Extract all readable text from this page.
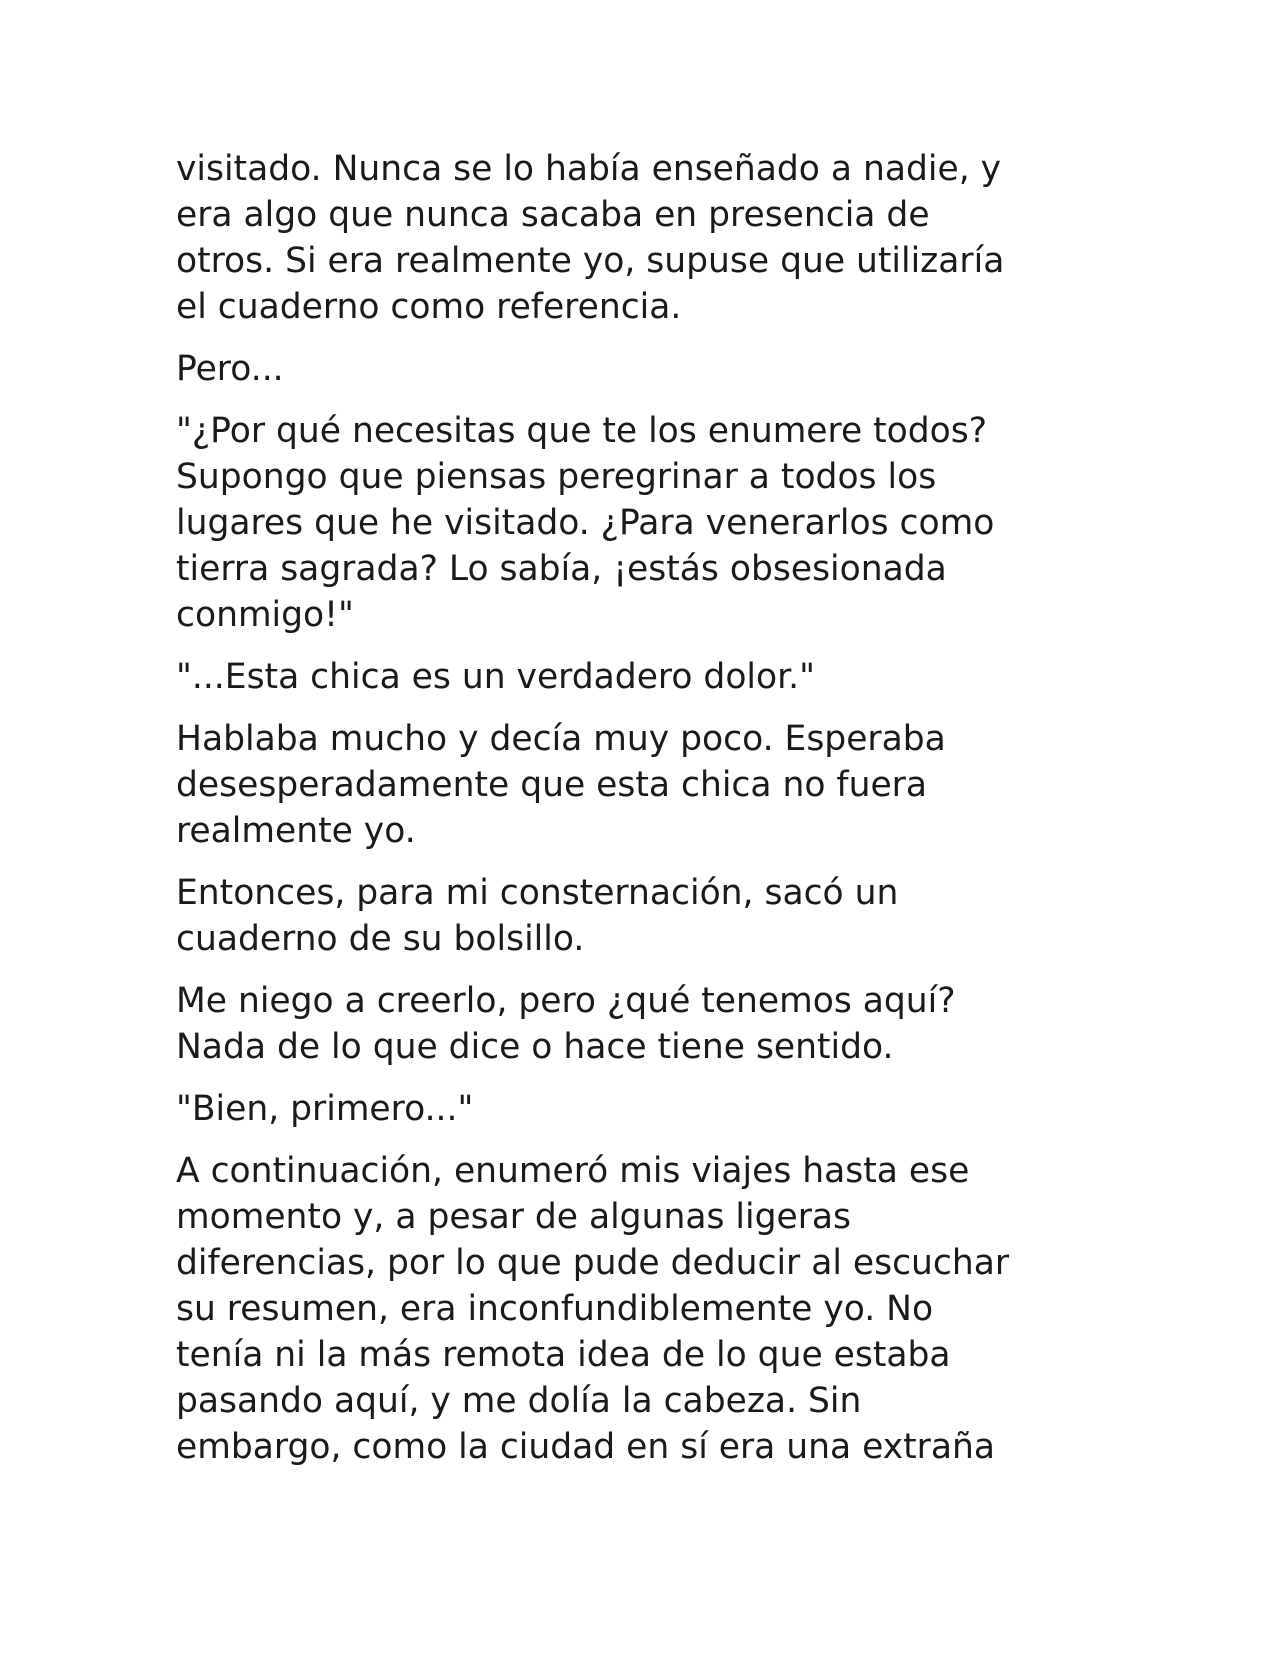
visitado. Nunca se lo había enseñado a nadie, y
era algo que nunca sacaba en presencia de
otros. Si era realmente yo, supuse que utilizaría
el cuaderno como referencia.

Pero...

"¿Por qué necesitas que te los enumere todos?
Supongo que piensas peregrinar a todos los
lugares que he visitado. ¿Para venerarlos como
tierra sagrada? Lo sabía, ¡estás obsesionada
conmigo!"

"...Esta chica es un verdadero dolor."

Hablaba mucho y decía muy poco. Esperaba
desesperadamente que esta chica no fuera
realmente yo.

Entonces, para mi consternación, sacó un
cuaderno de su bolsillo.

Me niego a creerlo, pero ¿qué tenemos aquí?
Nada de lo que dice o hace tiene sentido.

"Bien, primero..."

A continuación, enumeró mis viajes hasta ese
momento y, a pesar de algunas ligeras
diferencias, por lo que pude deducir al escuchar
su resumen, era inconfundiblemente yo. No
tenía ni la más remota idea de lo que estaba
pasando aquí, y me dolía la cabeza. Sin
embargo, como la ciudad en sí era una extraña
